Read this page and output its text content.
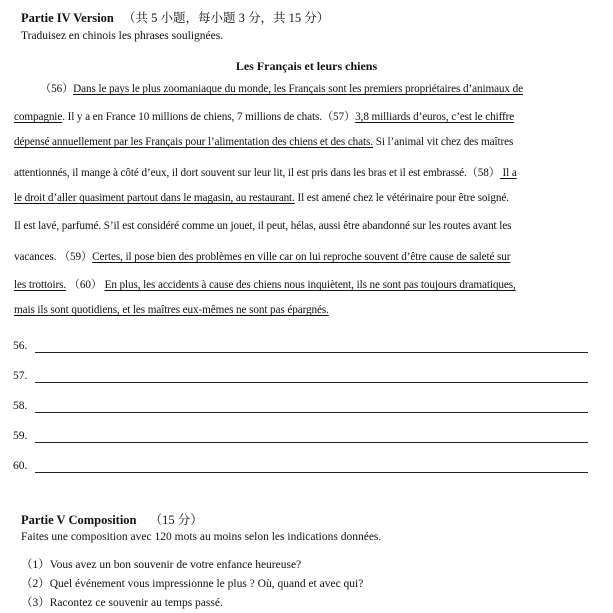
Partie IV Version （共 5 小题，每小题 3 分，共 15 分）
Traduisez en chinois les phrases soulignées.
Les Français et leurs chiens
（56）Dans le pays le plus zoomaniaque du monde, les Français sont les premiers propriétaires d’animaux de
compagnie. Il y a en France 10 millions de chiens, 7 millions de chats.（57）3,8 milliards d’euros, c’est le chiffre
dépensé annuellement par les Français pour l’alimentation des chiens et des chats. Si l’animal vit chez des maîtres
attentionnés, il mange à côté d’eux, il dort souvent sur leur lit, il est pris dans les bras et il est embrassé.（58） Il a
le droit d’aller quasiment partout dans le magasin, au restaurant. Il est amené chez le vétérinaire pour être soigné.
Il est lavé, parfumé. S’il est considéré comme un jouet, il peut, hélas, aussi être abandonné sur les routes avant les
vacances. （59）Certes, il pose bien des problèmes en ville car on lui reproche souvent d’être cause de saleté sur
les trottoirs. （60） En plus, les accidents à cause des chiens nous inquiètent, ils ne sont pas toujours dramatiques,
mais ils sont quotidiens, et les maîtres eux-mêmes ne sont pas épargnés.
56.
57.
58.
59.
60.
Partie V Composition （15 分）
Faites une composition avec 120 mots au moins selon les indications données.
（1）Vous avez un bon souvenir de votre enfance heureuse?
（2）Quel événement vous impressionne le plus ? Où, quand et avec qui?
（3）Racontez ce souvenir au temps passé.
